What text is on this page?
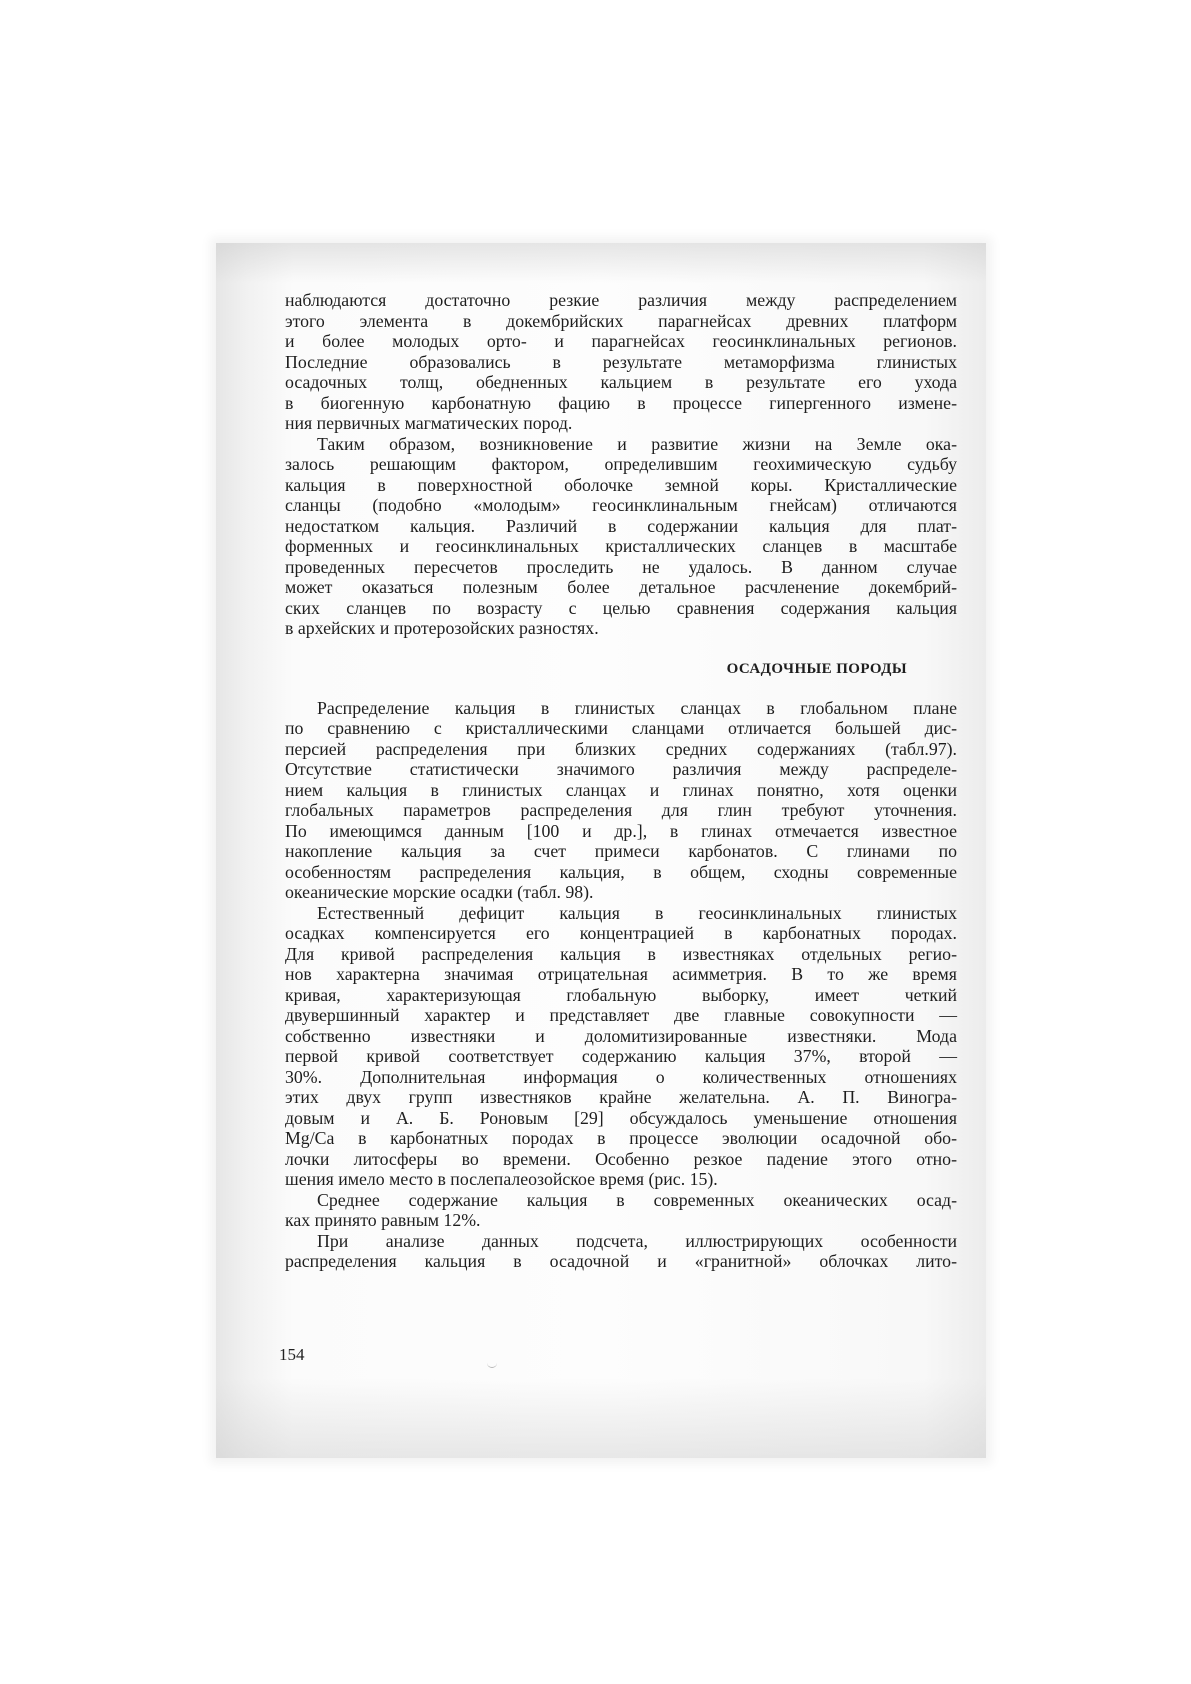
наблюдаются достаточно резкие различия между распределением
этого элемента в докембрийских парагнейсах древних платформ
и более молодых орто- и парагнейсах геосинклинальных регионов.
Последние образовались в результате метаморфизма глинистых
осадочных толщ, обедненных кальцием в результате его ухода
в биогенную карбонатную фацию в процессе гипергенного измене-
ния первичных магматических пород.

Таким образом, возникновение и развитие жизни на Земле ока-
залось решающим фактором, определившим геохимическую судьбу
кальция в поверхностной оболочке земной коры. Кристаллические
сланцы (подобно «молодым» геосинклинальным гнейсам) отличаются
недостатком кальция. Различий в содержании кальция для плат-
форменных и геосинклинальных кристаллических сланцев в масштабе
проведенных пересчетов проследить не удалось. В данном случае
может оказаться полезным более детальное расчленение докембрий-
ских сланцев по возрасту с целью сравнения содержания кальция
в архейских и протерозойских разностях.

ОСАДОЧНЫЕ ПОРОДЫ

Распределение кальция в глинистых сланцах в глобальном плане
по сравнению с кристаллическими сланцами отличается большей дис-
персией распределения при близких средних содержаниях (табл.97).
Отсутствие статистически значимого различия между распределе-
нием кальция в глинистых сланцах и глинах понятно, хотя оценки
глобальных параметров распределения для глин требуют уточнения.
По имеющимся данным [100 и др.], в глинах отмечается известное
накопление кальция за счет примеси карбонатов. С глинами по
особенностям распределения кальция, в общем, сходны современные
океанические морские осадки (табл. 98).

Естественный дефицит кальция в геосинклинальных глинистых
осадках компенсируется его концентрацией в карбонатных породах.
Для кривой распределения кальция в известняках отдельных регио-
нов характерна значимая отрицательная асимметрия. В то же время
кривая, характеризующая глобальную выборку, имеет четкий
двувершинный характер и представляет две главные совокупности —
собственно известняки и доломитизированные известняки. Мода
первой кривой соответствует содержанию кальция 37%, второй —
30%. Дополнительная информация о количественных отношениях
этих двух групп известняков крайне желательна. А. П. Виногра-
довым и А. Б. Роновым [29] обсуждалось уменьшение отношения
Mg/Ca в карбонатных породах в процессе эволюции осадочной обо-
лочки литосферы во времени. Особенно резкое падение этого отно-
шения имело место в послепалеозойское время (рис. 15).

Среднее содержание кальция в современных океанических осад-
ках принято равным 12%.

При анализе данных подсчета, иллюстрирующих особенности
распределения кальция в осадочной и «гранитной» облочках лито-

154
